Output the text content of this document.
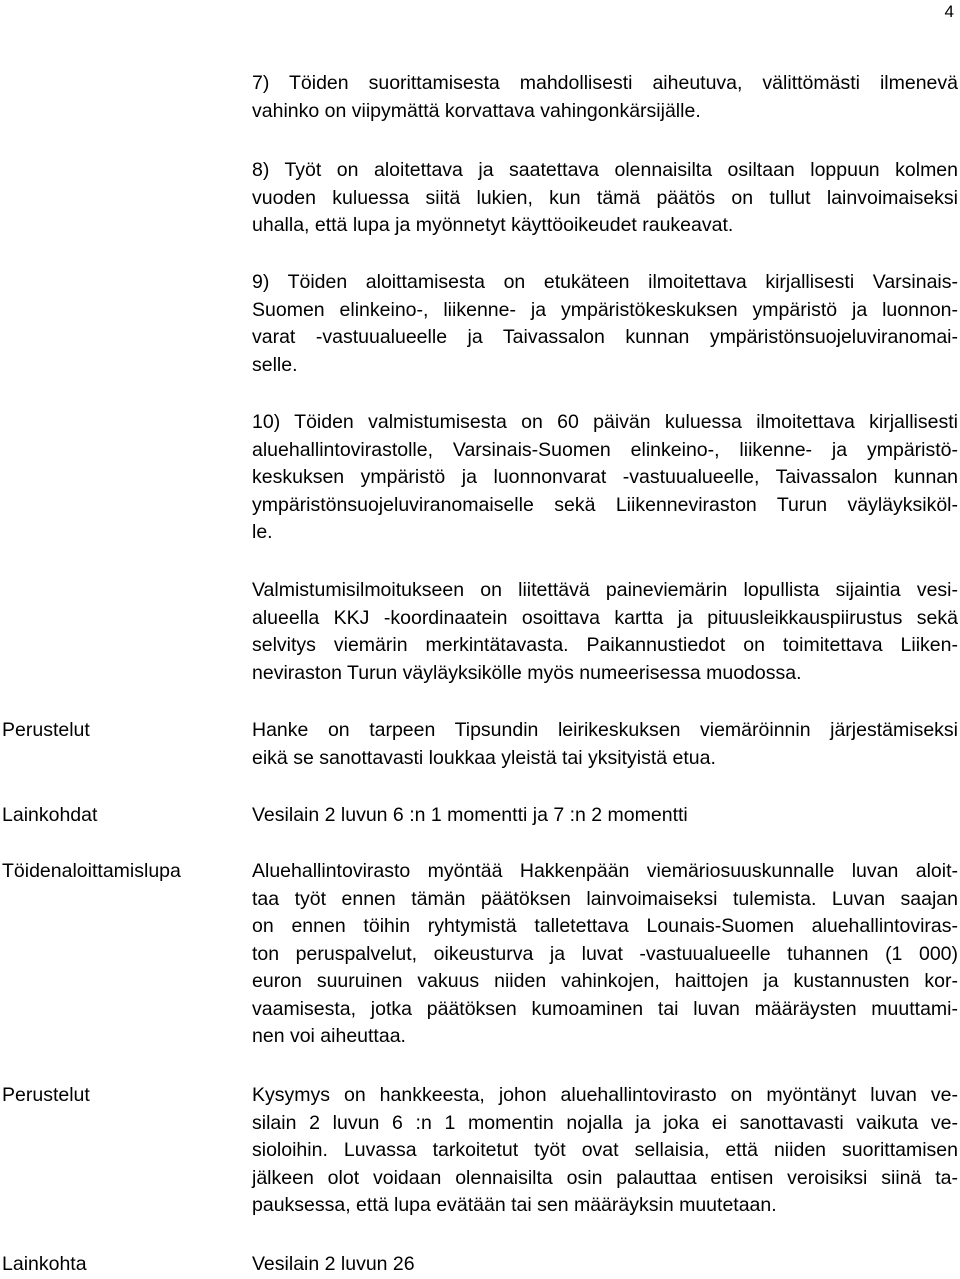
4
7) Töiden suorittamisesta mahdollisesti aiheutuva, välittömästi ilmenevä
vahinko on viipymättä korvattava vahingonkärsijälle.
8) Työt on aloitettava ja saatettava olennaisilta osiltaan loppuun kolmen
vuoden kuluessa siitä lukien, kun tämä päätös on tullut lainvoimaiseksi
uhalla, että lupa ja myönnetyt käyttöoikeudet raukeavat.
9) Töiden aloittamisesta on etukäteen ilmoitettava kirjallisesti Varsinais-
Suomen elinkeino-, liikenne- ja ympäristökeskuksen ympäristö ja luonnon-
varat -vastuualueelle ja Taivassalon kunnan ympäristönsuojeluviranomai-
selle.
10) Töiden valmistumisesta on 60 päivän kuluessa ilmoitettava kirjallisesti
aluehallintovirastolle, Varsinais-Suomen elinkeino-, liikenne- ja ympäristö-
keskuksen ympäristö ja luonnonvarat -vastuualueelle, Taivassalon kunnan
ympäristönsuojeluviranomaiselle sekä Liikenneviraston Turun väyläyksiköl-
le.
Valmistumisilmoitukseen on liitettävä paineviemärin lopullista sijaintia vesi-
alueella KKJ -koordinaatein osoittava kartta ja pituusleikkauspiirustus sekä
selvitys viemärin merkintätavasta. Paikannustiedot on toimitettava Liiken-
neviraston Turun väyläyksikölle myös numeerisessa muodossa.
Perustelut	Hanke on tarpeen Tipsundin leirikeskuksen viemäröinnin järjestämiseksi
eikä se sanottavasti loukkaa yleistä tai yksityistä etua.
Lainkohdat	Vesilain 2 luvun 6 :n 1 momentti ja 7 :n 2 momentti
Töidenaloittamislupa	Aluehallintovirasto myöntää Hakkenpään viemäriosuuskunnalle luvan aloit-
taa työt ennen tämän päätöksen lainvoimaiseksi tulemista. Luvan saajan
on ennen töihin ryhtymistä talletettava Lounais-Suomen aluehallintoviras-
ton peruspalvelut, oikeusturva ja luvat -vastuualueelle tuhannen (1 000)
euron suuruinen vakuus niiden vahinkojen, haittojen ja kustannusten kor-
vaamisesta, jotka päätöksen kumoaminen tai luvan määräysten muuttami-
nen voi aiheuttaa.
Perustelut	Kysymys on hankkeesta, johon aluehallintovirasto on myöntänyt luvan ve-
silain 2 luvun 6 :n 1 momentin nojalla ja joka ei sanottavasti vaikuta ve-
sioloihin. Luvassa tarkoitetut työt ovat sellaisia, että niiden suorittamisen
jälkeen olot voidaan olennaisilta osin palauttaa entisen veroisiksi siinä ta-
pauksessa, että lupa evätään tai sen määräyksin muutetaan.
Lainkohta	Vesilain 2 luvun 26
